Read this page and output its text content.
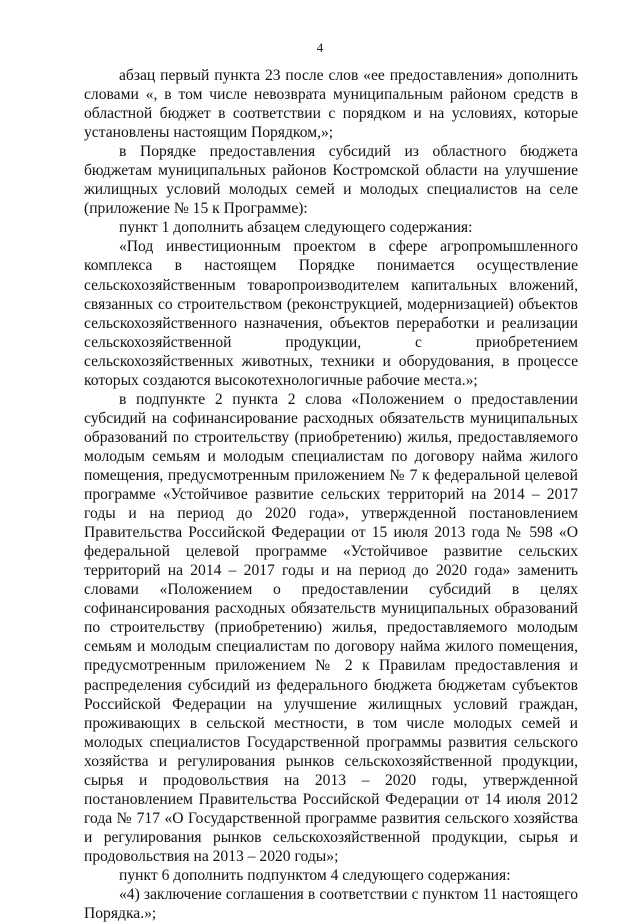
4

абзац первый пункта 23 после слов «ее предоставления» дополнить словами «, в том числе невозврата муниципальным районом средств в областной бюджет в соответствии с порядком и на условиях, которые установлены настоящим Порядком,»;

в Порядке предоставления субсидий из областного бюджета бюджетам муниципальных районов Костромской области на улучшение жилищных условий молодых семей и молодых специалистов на селе (приложение № 15 к Программе):

пункт 1 дополнить абзацем следующего содержания:

«Под инвестиционным проектом в сфере агропромышленного комплекса в настоящем Порядке понимается осуществление сельскохозяйственным товаропроизводителем капитальных вложений, связанных со строительством (реконструкцией, модернизацией) объектов сельскохозяйственного назначения, объектов переработки и реализации сельскохозяйственной продукции, с приобретением сельскохозяйственных животных, техники и оборудования, в процессе которых создаются высокотехнологичные рабочие места.»;

в подпункте 2 пункта 2 слова «Положением о предоставлении субсидий на софинансирование расходных обязательств муниципальных образований по строительству (приобретению) жилья, предоставляемого молодым семьям и молодым специалистам по договору найма жилого помещения, предусмотренным приложением № 7 к федеральной целевой программе «Устойчивое развитие сельских территорий на 2014 – 2017 годы и на период до 2020 года», утвержденной постановлением Правительства Российской Федерации от 15 июля 2013 года № 598 «О федеральной целевой программе «Устойчивое развитие сельских территорий на 2014 – 2017 годы и на период до 2020 года» заменить словами «Положением о предоставлении субсидий в целях софинансирования расходных обязательств муниципальных образований по строительству (приобретению) жилья, предоставляемого молодым семьям и молодым специалистам по договору найма жилого помещения, предусмотренным приложением № 2 к Правилам предоставления и распределения субсидий из федерального бюджета бюджетам субъектов Российской Федерации на улучшение жилищных условий граждан, проживающих в сельской местности, в том числе молодых семей и молодых специалистов Государственной программы развития сельского хозяйства и регулирования рынков сельскохозяйственной продукции, сырья и продовольствия на 2013 – 2020 годы, утвержденной постановлением Правительства Российской Федерации от 14 июля 2012 года № 717 «О Государственной программе развития сельского хозяйства и регулирования рынков сельскохозяйственной продукции, сырья и продовольствия на 2013 – 2020 годы»;

пункт 6 дополнить подпунктом 4 следующего содержания:

«4) заключение соглашения в соответствии с пунктом 11 настоящего Порядка.»;
